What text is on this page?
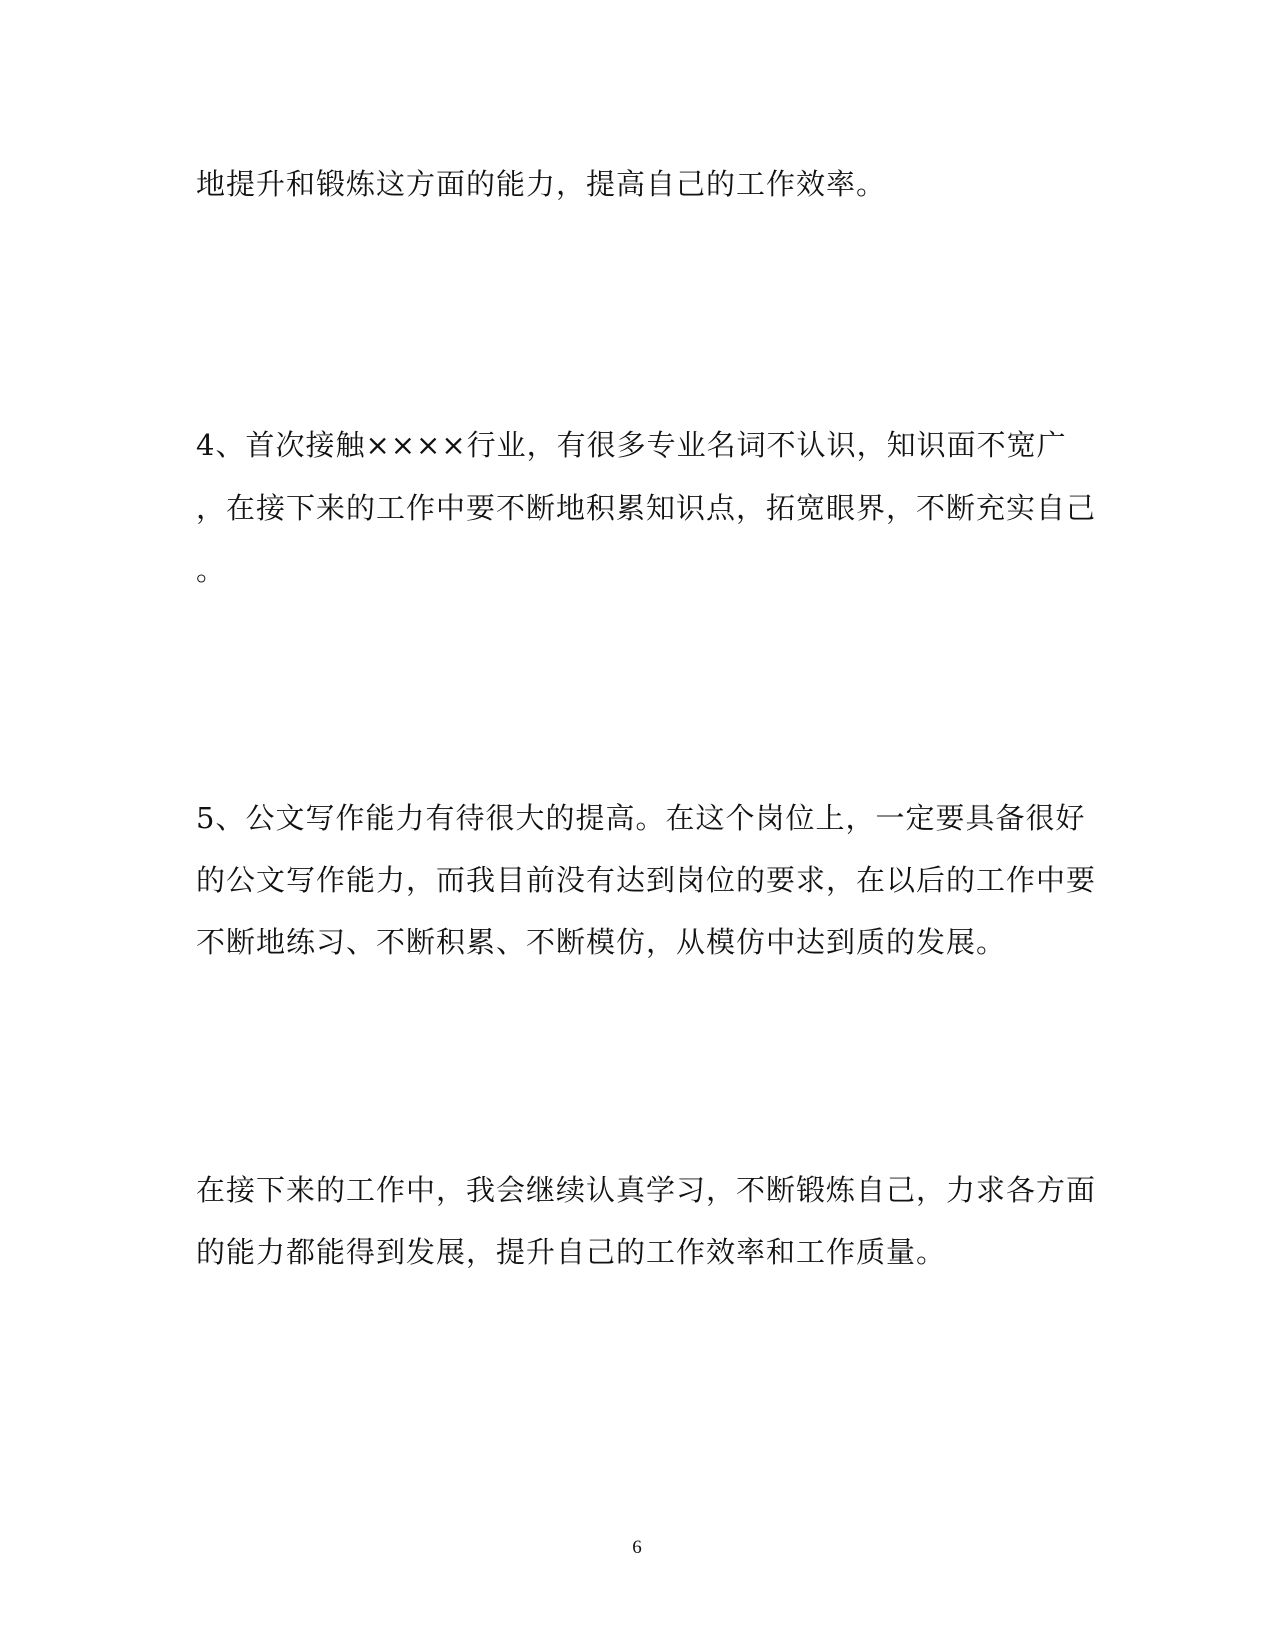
地提升和锻炼这方面的能力，提高自己的工作效率。
4、首次接触××××行业，有很多专业名词不认识，知识面不宽广
，在接下来的工作中要不断地积累知识点，拓宽眼界，不断充实自己
。
5、公文写作能力有待很大的提高。在这个岗位上，一定要具备很好
的公文写作能力，而我目前没有达到岗位的要求，在以后的工作中要
不断地练习、不断积累、不断模仿，从模仿中达到质的发展。
在接下来的工作中，我会继续认真学习，不断锻炼自己，力求各方面
的能力都能得到发展，提升自己的工作效率和工作质量。
6
